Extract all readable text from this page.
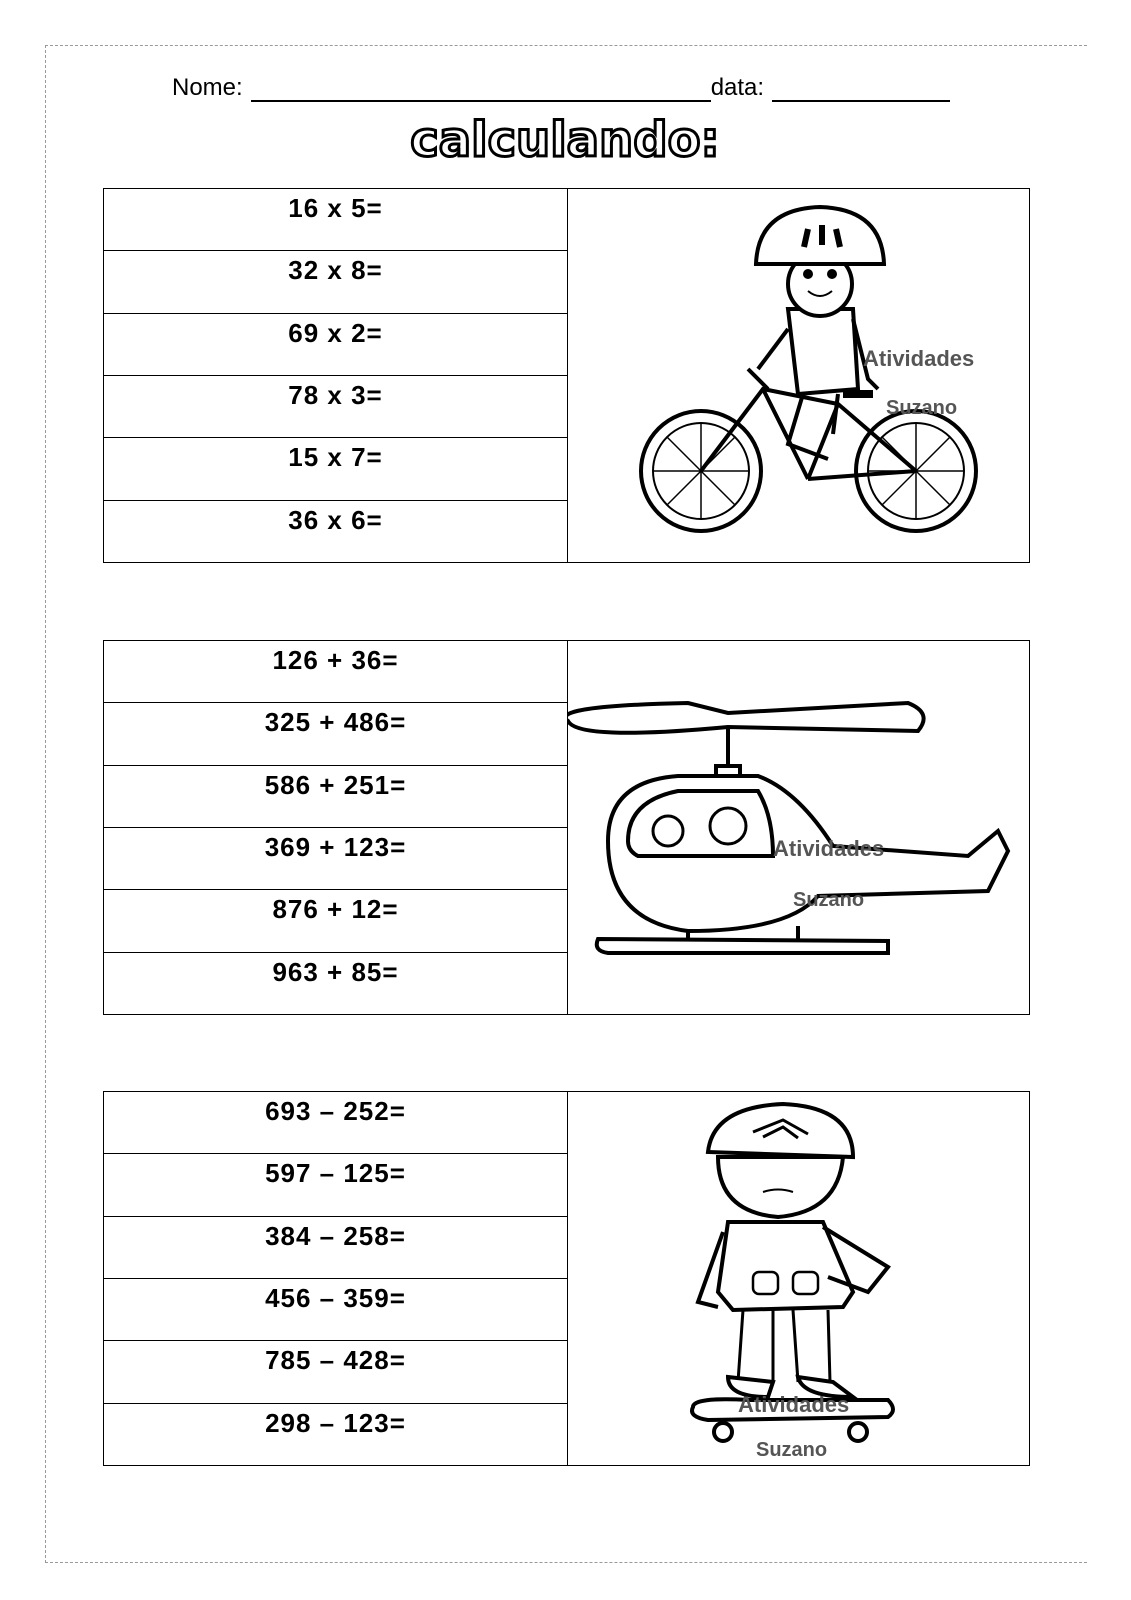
Nome:	data:
calculando:
16 x 5=
32 x 8=
69 x 2=
78 x 3=
15 x 7=
36 x 6=
Atividades
Suzano
126 + 36=
325 + 486=
586 + 251=
369 + 123=
876 + 12=
963 + 85=
Atividades
Suzano
693 – 252=
597 – 125=
384 – 258=
456 – 359=
785 – 428=
298 – 123=
Atividades
Suzano
